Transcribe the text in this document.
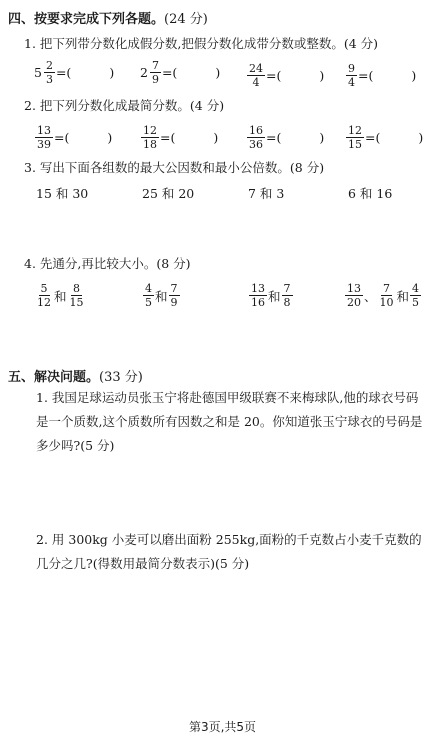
四、按要求完成下列各题。(24 分)
1. 把下列带分数化成假分数,把假分数化成带分数或整数。(4 分)
$5 \frac{2}{3}$ =(	) $2 \frac{7}{9}$ =(	) $\frac{24}{4}$ =(	) $\frac{9}{4}$ =(	)
2. 把下列分数化成最简分数。(4 分)
$\frac{13}{39}$ =(	)	$\frac{12}{18}$ =(	)	$\frac{16}{36}$ =(	) $\frac{12}{15}$ =(	)
3. 写出下面各组数的最大公因数和最小公倍数。(8 分)
15 和 30	25 和 20	7 和 3	6 和 16
4. 先通分,再比较大小。(8 分)
$\frac{5}{12}$ 和 $\frac{8}{15}$	$\frac{4}{5}$ 和 $\frac{7}{9}$	$\frac{13}{16}$ 和 $\frac{7}{8}$	$\frac{13}{20}$ 、 $\frac{7}{10}$ 和 $\frac{4}{5}$
五、解决问题。(33 分)
1. 我国足球运动员张玉宁将赴德国甲级联赛不来梅球队,他的球衣号码是一个质数,这个质数所有因数之和是 20。你知道张玉宁球衣的号码是多少吗?(5 分)
2. 用 300kg 小麦可以磨出面粉 255kg,面粉的千克数占小麦千克数的几分之几?(得数用最简分数表示)(5 分)
第3页,共5页
